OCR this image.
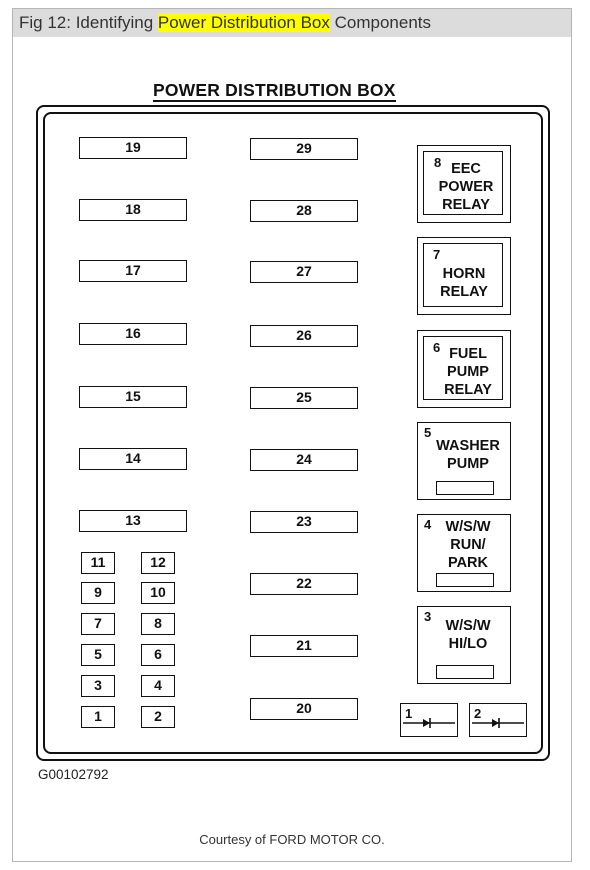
Fig 12: Identifying Power Distribution Box Components
POWER DISTRIBUTION BOX
19
18
17
16
15
14
13
11
9
7
5
3
1
12
10
8
6
4
2
29
28
27
26
25
24
23
22
21
20
8 EEC
POWER
RELAY
7
HORN
RELAY
6 FUEL
PUMP
RELAY
5
WASHER
PUMP
4 W/S/W
RUN/
PARK
3
W/S/W
HI/LO
1	2
G00102792
Courtesy of FORD MOTOR CO.
